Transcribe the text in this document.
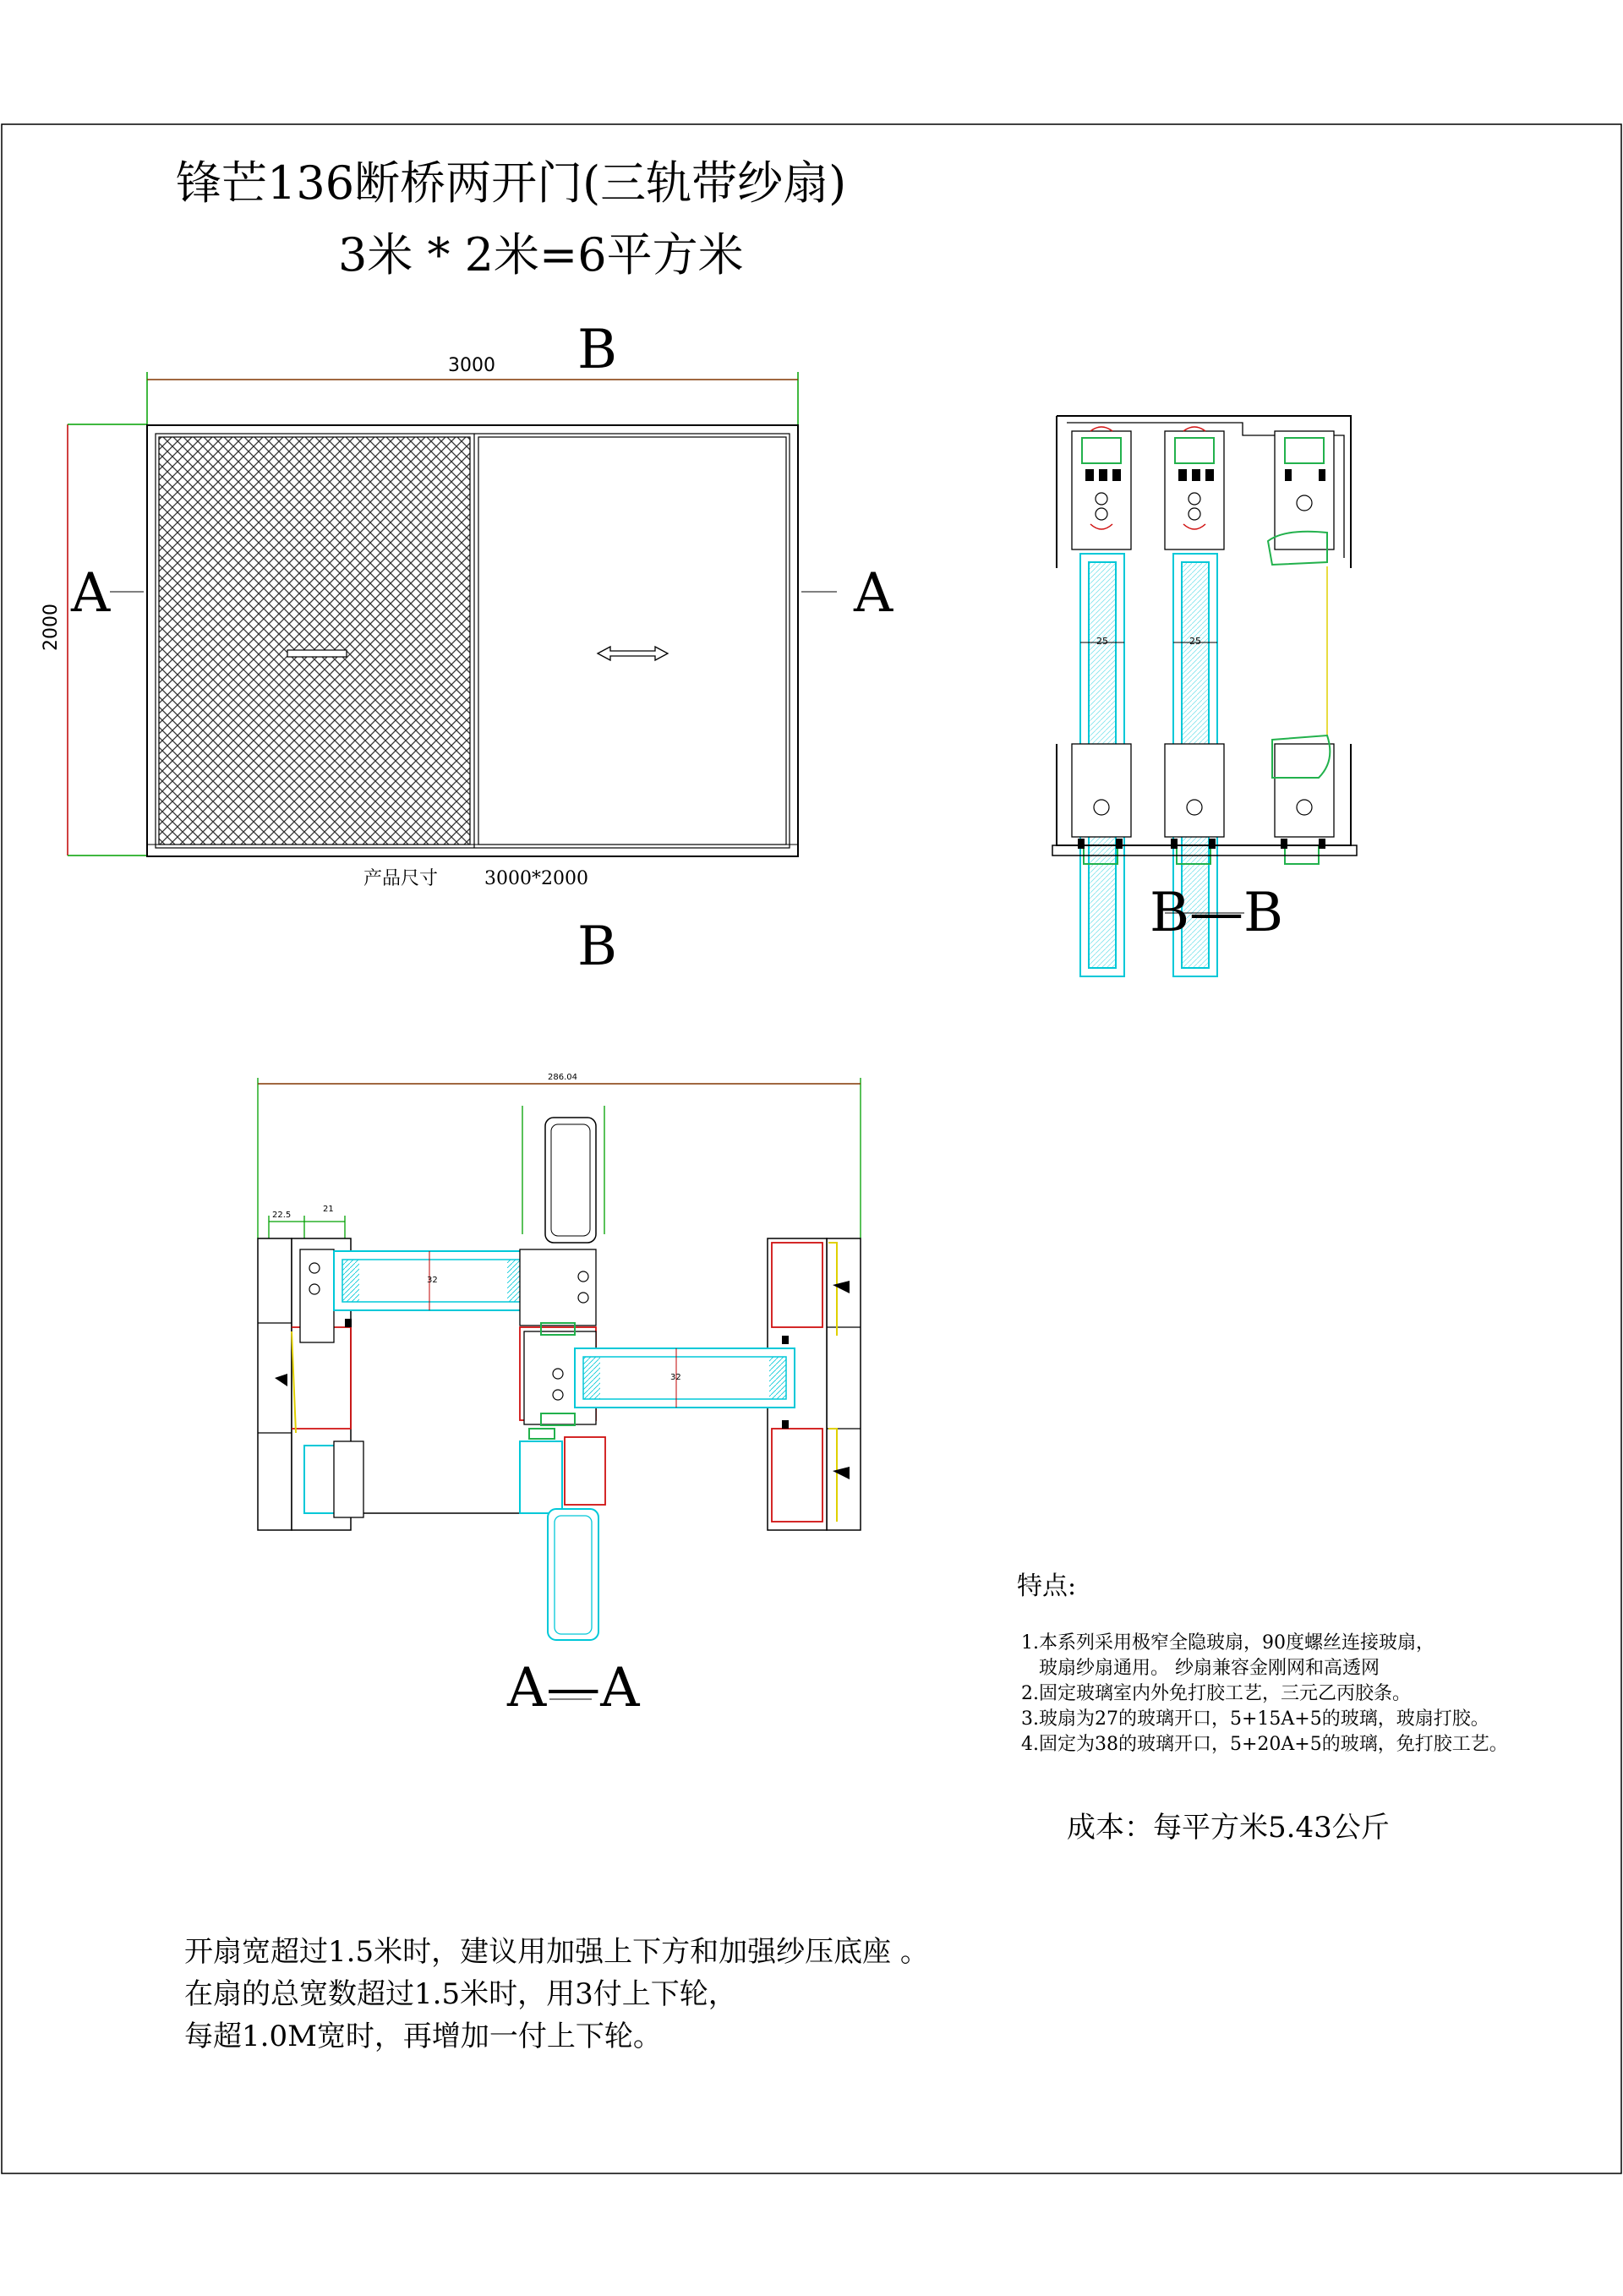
锋芒136断桥两开门(三轨带纱扇)
3米 * 2米=6平方米
3000
2000
B
B
A	A
产品尺寸 3000*2000
B—B
25	25
286.04
22.5
21
32
32
A—A
特点:
1.本系列采用极窄全隐玻扇，90度螺丝连接玻扇，
玻扇纱扇通用。 纱扇兼容金刚网和高透网
2.固定玻璃室内外免打胶工艺，三元乙丙胶条。
3.玻扇为27的玻璃开口，5+15A+5的玻璃，玻扇打胶。
4.固定为38的玻璃开口，5+20A+5的玻璃，免打胶工艺。
成本：每平方米5.43公斤
开扇宽超过1.5米时，建议用加强上下方和加强纱压底座 。
在扇的总宽数超过1.5米时，用3付上下轮，
每超1.0M宽时，再增加一付上下轮。
